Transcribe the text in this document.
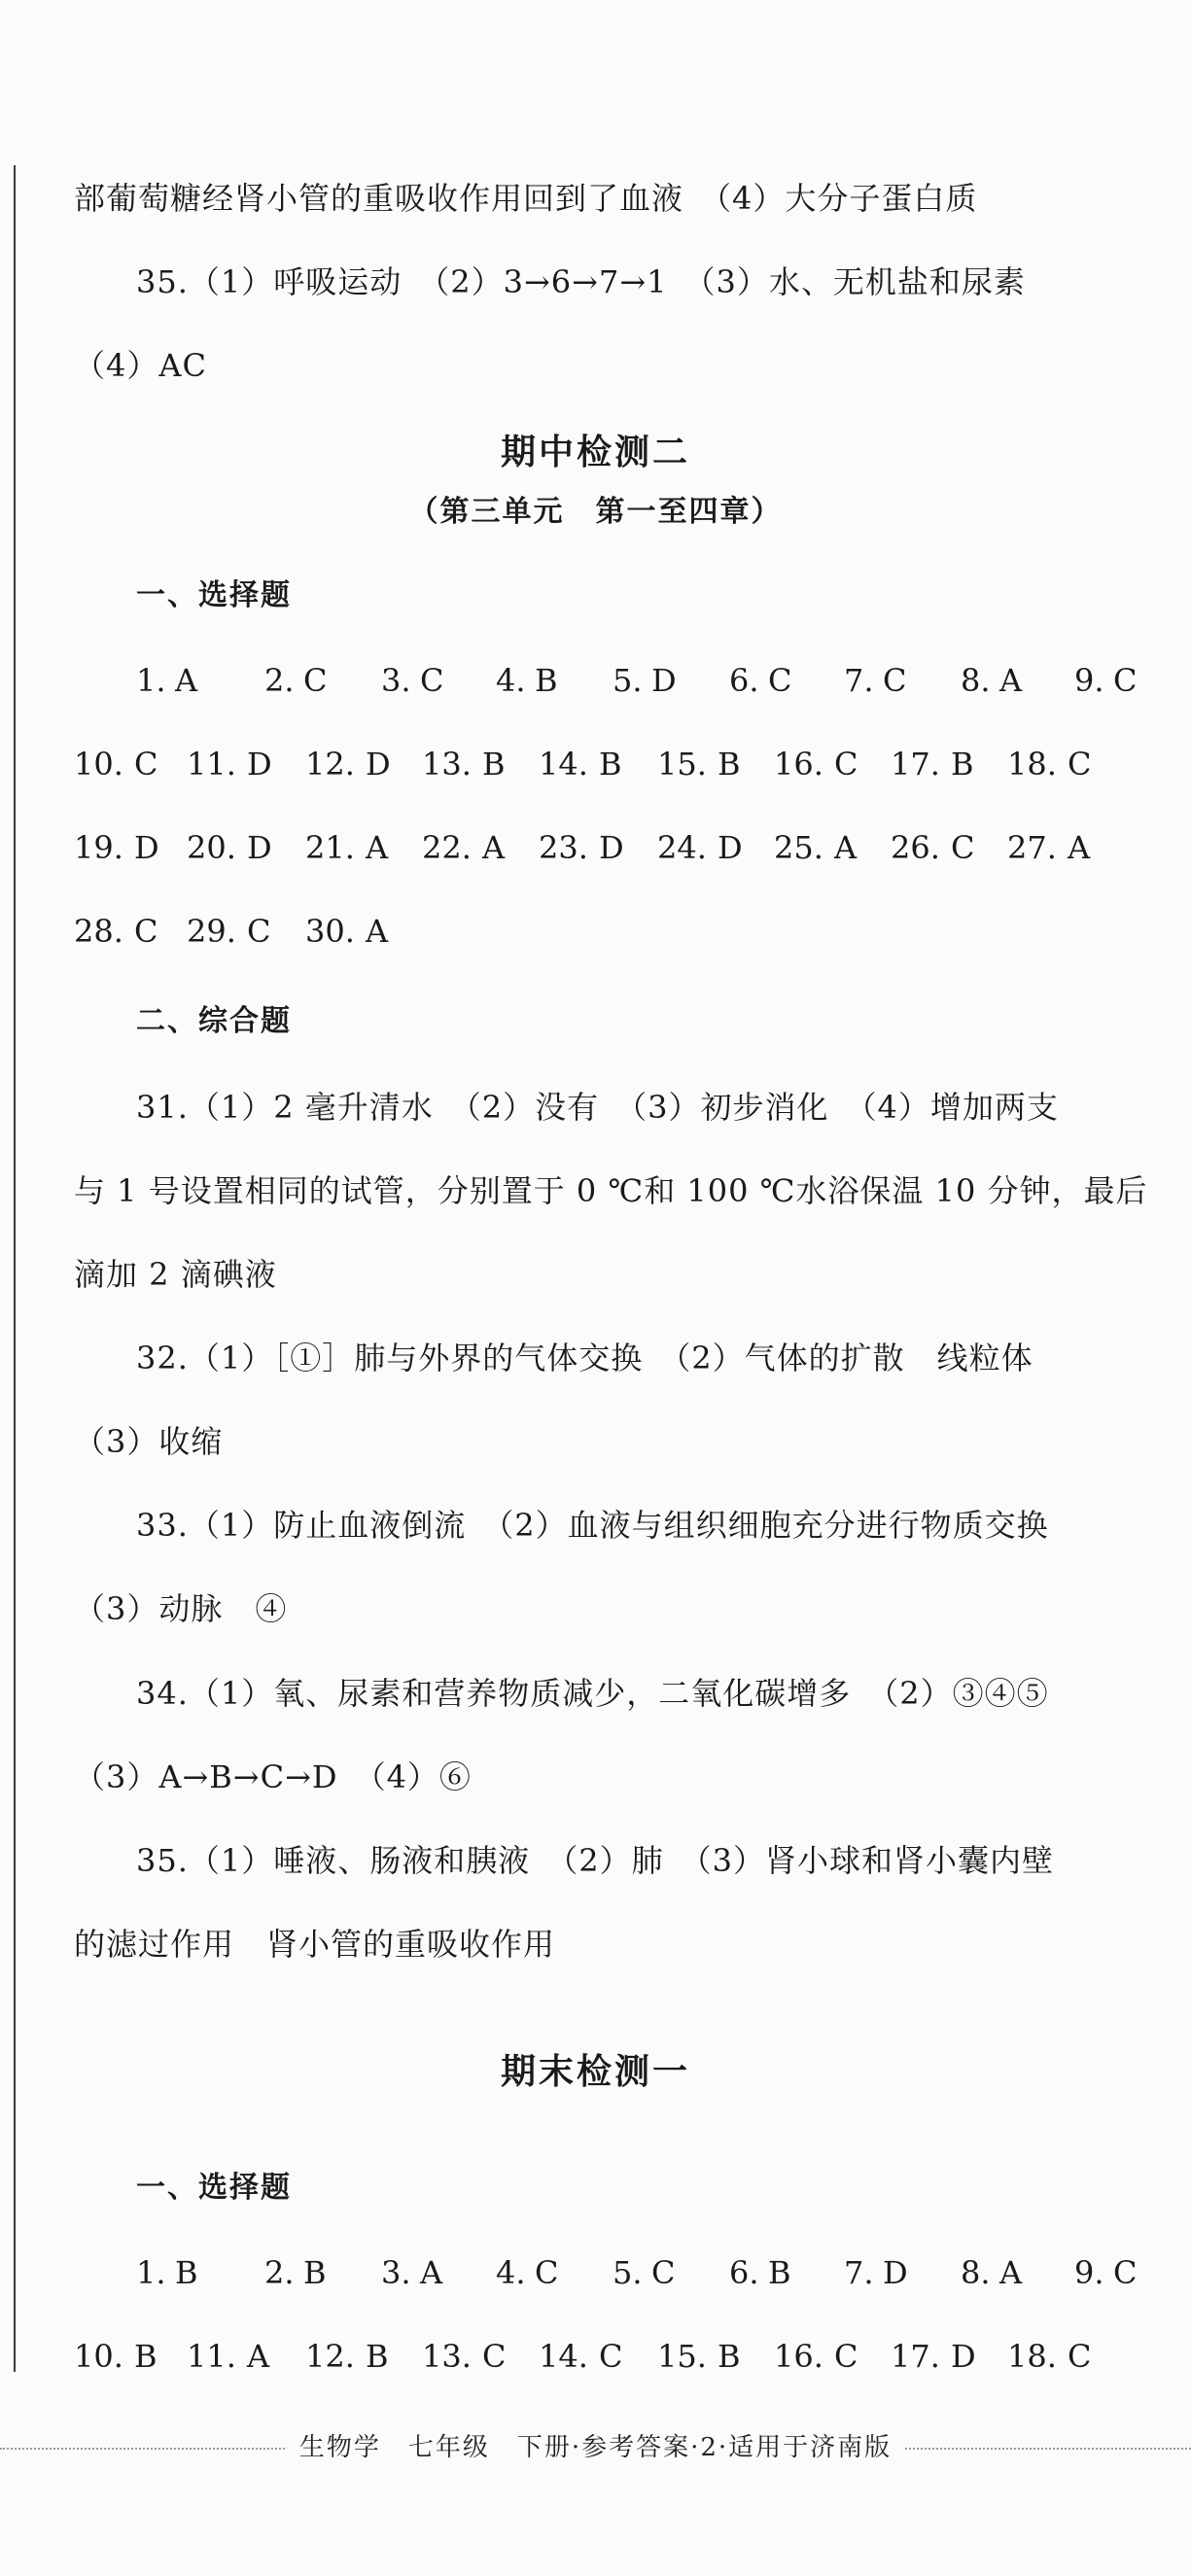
部葡萄糖经肾小管的重吸收作用回到了血液　（4）大分子蛋白质
35.（1）呼吸运动　（2）3→6→7→1　（3）水、无机盐和尿素
（4）AC
期中检测二
（第三单元　第一至四章）
一、选择题
1. A 2. C 3. C 4. B 5. D 6. C 7. C 8. A 9. C
10. C 11. D 12. D 13. B 14. B 15. B 16. C 17. B 18. C
19. D 20. D 21. A 22. A 23. D 24. D 25. A 26. C 27. A
28. C 29. C 30. A
二、综合题
31.（1）2 毫升清水　（2）没有　（3）初步消化　（4）增加两支
与 1 号设置相同的试管，分别置于 0 ℃和 100 ℃水浴保温 10 分钟，最后
滴加 2 滴碘液
32.（1）［①］肺与外界的气体交换　（2）气体的扩散　线粒体
（3）收缩
33.（1）防止血液倒流　（2）血液与组织细胞充分进行物质交换
（3）动脉　④
34.（1）氧、尿素和营养物质减少，二氧化碳增多　（2）③④⑤
（3）A→B→C→D　（4）⑥
35.（1）唾液、肠液和胰液　（2）肺　（3）肾小球和肾小囊内壁
的滤过作用　肾小管的重吸收作用
期末检测一
一、选择题
1. B 2. B 3. A 4. C 5. C 6. B 7. D 8. A 9. C
10. B 11. A 12. B 13. C 14. C 15. B 16. C 17. D 18. C
生物学　七年级　下册·参考答案·2·适用于济南版
